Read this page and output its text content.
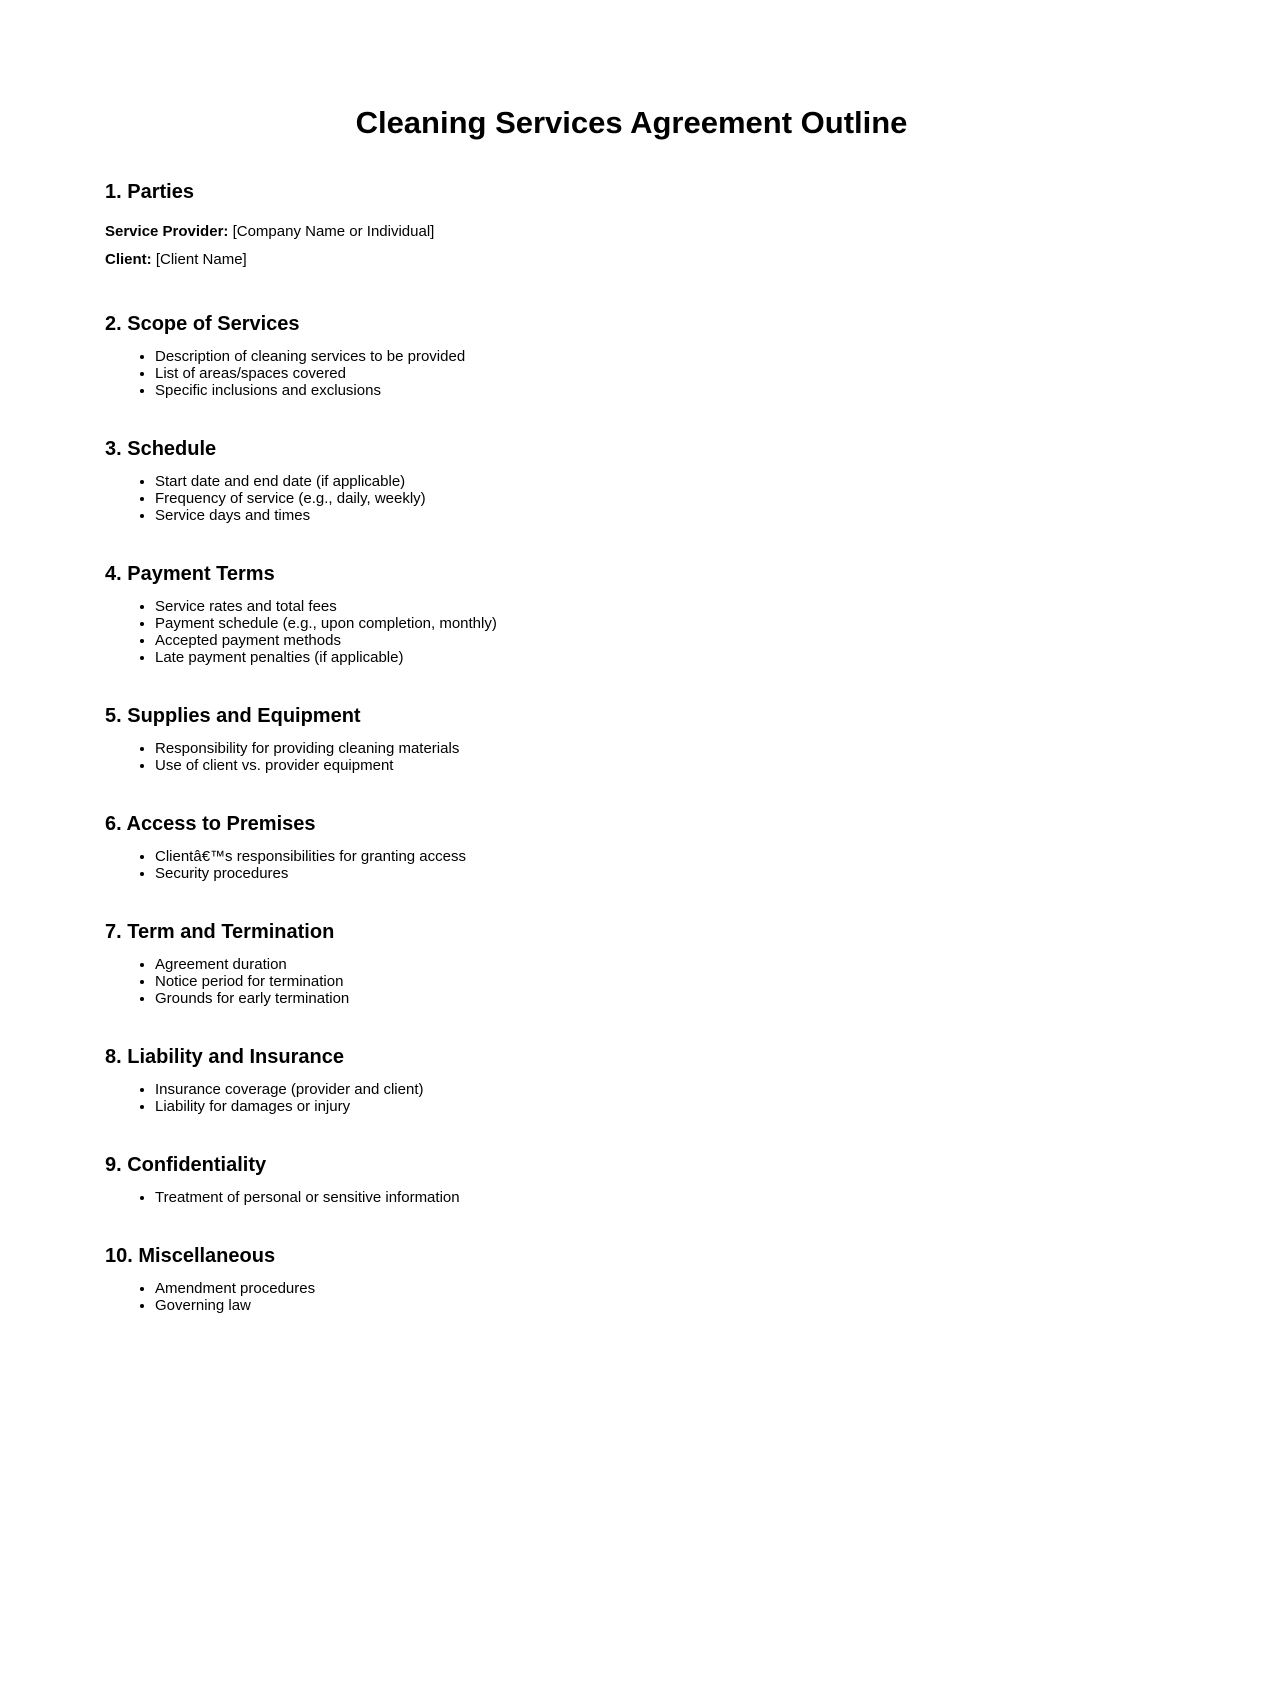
Cleaning Services Agreement Outline
1. Parties

Service Provider: [Company Name or Individual]

Client: [Client Name]

2. Scope of Services
• Description of cleaning services to be provided
• List of areas/spaces covered
• Specific inclusions and exclusions
3. Schedule
• Start date and end date (if applicable)
• Frequency of service (e.g., daily, weekly)
• Service days and times
4. Payment Terms
• Service rates and total fees
• Payment schedule (e.g., upon completion, monthly)
• Accepted payment methods
• Late payment penalties (if applicable)
5. Supplies and Equipment
• Responsibility for providing cleaning materials
• Use of client vs. provider equipment
6. Access to Premises
• Clientâ€™s responsibilities for granting access
• Security procedures
7. Term and Termination
• Agreement duration
• Notice period for termination
• Grounds for early termination
8. Liability and Insurance
• Insurance coverage (provider and client)
• Liability for damages or injury
9. Confidentiality
• Treatment of personal or sensitive information
10. Miscellaneous
• Amendment procedures
• Governing law
